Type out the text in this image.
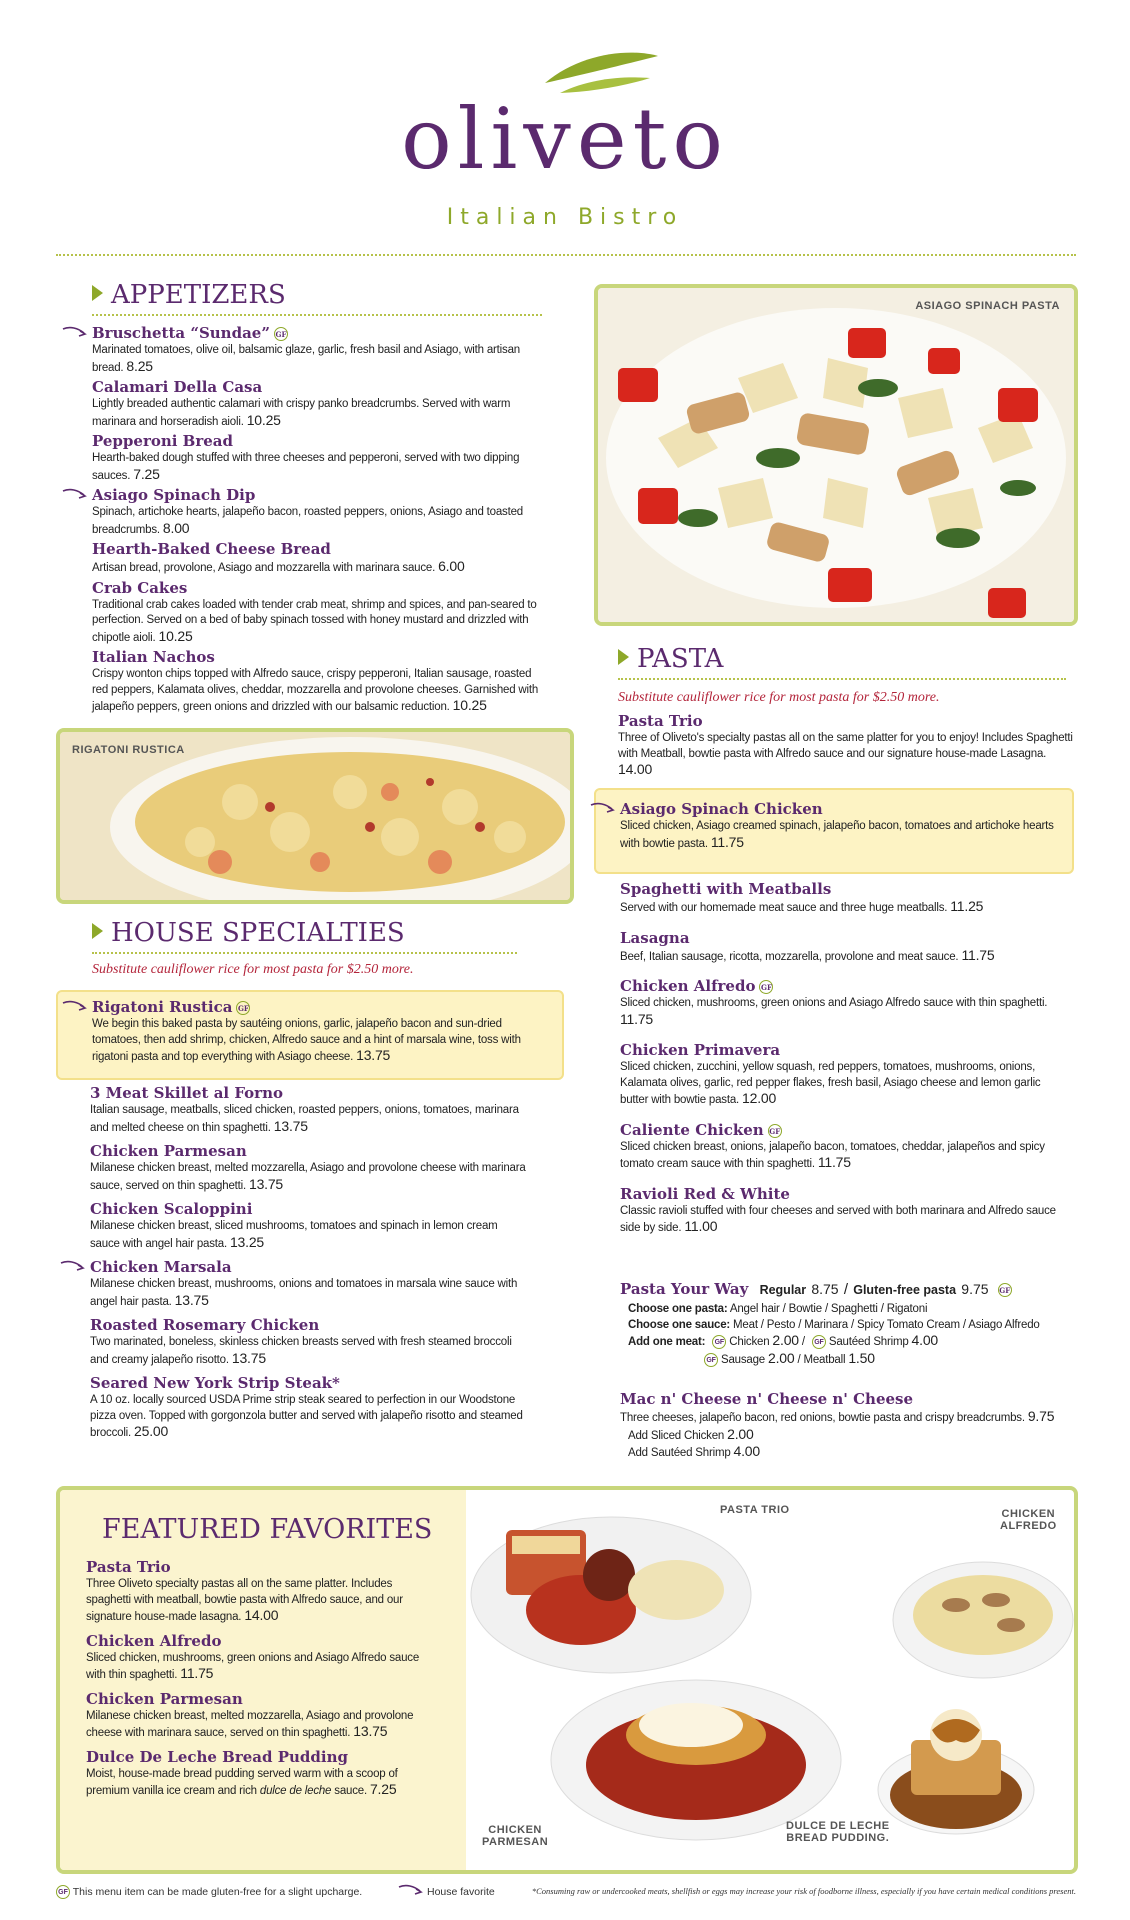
oliveto
Italian Bistro
APPETIZERS
Bruschetta “Sundae” GF
Marinated tomatoes, olive oil, balsamic glaze, garlic, fresh basil and Asiago, with artisan bread. 8.25
Calamari Della Casa
Lightly breaded authentic calamari with crispy panko breadcrumbs. Served with warm marinara and horseradish aioli. 10.25
Pepperoni Bread
Hearth-baked dough stuffed with three cheeses and pepperoni, served with two dipping sauces. 7.25
Asiago Spinach Dip
Spinach, artichoke hearts, jalapeño bacon, roasted peppers, onions, Asiago and toasted breadcrumbs. 8.00
Hearth-Baked Cheese Bread
Artisan bread, provolone, Asiago and mozzarella with marinara sauce. 6.00
Crab Cakes
Traditional crab cakes loaded with tender crab meat, shrimp and spices, and pan-seared to perfection. Served on a bed of baby spinach tossed with honey mustard and drizzled with chipotle aioli. 10.25
Italian Nachos
Crispy wonton chips topped with Alfredo sauce, crispy pepperoni, Italian sausage, roasted red peppers, Kalamata olives, cheddar, mozzarella and provolone cheeses. Garnished with jalapeño peppers, green onions and drizzled with our balsamic reduction. 10.25
RIGATONI RUSTICA
HOUSE SPECIALTIES
Substitute cauliflower rice for most pasta for $2.50 more.
Rigatoni Rustica GF
We begin this baked pasta by sautéing onions, garlic, jalapeño bacon and sun-dried tomatoes, then add shrimp, chicken, Alfredo sauce and a hint of marsala wine, toss with rigatoni pasta and top everything with Asiago cheese. 13.75
3 Meat Skillet al Forno
Italian sausage, meatballs, sliced chicken, roasted peppers, onions, tomatoes, marinara and melted cheese on thin spaghetti. 13.75
Chicken Parmesan
Milanese chicken breast, melted mozzarella, Asiago and provolone cheese with marinara sauce, served on thin spaghetti. 13.75
Chicken Scaloppini
Milanese chicken breast, sliced mushrooms, tomatoes and spinach in lemon cream sauce with angel hair pasta. 13.25
Chicken Marsala
Milanese chicken breast, mushrooms, onions and tomatoes in marsala wine sauce with angel hair pasta. 13.75
Roasted Rosemary Chicken
Two marinated, boneless, skinless chicken breasts served with fresh steamed broccoli and creamy jalapeño risotto. 13.75
Seared New York Strip Steak*
A 10 oz. locally sourced USDA Prime strip steak seared to perfection in our Woodstone pizza oven. Topped with gorgonzola butter and served with jalapeño risotto and steamed broccoli. 25.00
ASIAGO SPINACH PASTA
PASTA
Substitute cauliflower rice for most pasta for $2.50 more.
Pasta Trio
Three of Oliveto's specialty pastas all on the same platter for you to enjoy! Includes Spaghetti with Meatball, bowtie pasta with Alfredo sauce and our signature house-made Lasagna. 14.00
Asiago Spinach Chicken
Sliced chicken, Asiago creamed spinach, jalapeño bacon, tomatoes and artichoke hearts with bowtie pasta. 11.75
Spaghetti with Meatballs
Served with our homemade meat sauce and three huge meatballs. 11.25
Lasagna
Beef, Italian sausage, ricotta, mozzarella, provolone and meat sauce. 11.75
Chicken Alfredo GF
Sliced chicken, mushrooms, green onions and Asiago Alfredo sauce with thin spaghetti. 11.75
Chicken Primavera
Sliced chicken, zucchini, yellow squash, red peppers, tomatoes, mushrooms, onions, Kalamata olives, garlic, red pepper flakes, fresh basil, Asiago cheese and lemon garlic butter with bowtie pasta. 12.00
Caliente Chicken GF
Sliced chicken breast, onions, jalapeño bacon, tomatoes, cheddar, jalapeños and spicy tomato cream sauce with thin spaghetti. 11.75
Ravioli Red & White
Classic ravioli stuffed with four cheeses and served with both marinara and Alfredo sauce side by side. 11.00
Pasta Your Way Regular 8.75 / Gluten-free pasta 9.75 GF
Choose one pasta: Angel hair / Bowtie / Spaghetti / Rigatoni
Choose one sauce: Meat / Pesto / Marinara / Spicy Tomato Cream / Asiago Alfredo
Add one meat: GF Chicken 2.00 / GF Sautéed Shrimp 4.00
GF Sausage 2.00 / Meatball 1.50
Mac n' Cheese n' Cheese n' Cheese
Three cheeses, jalapeño bacon, red onions, bowtie pasta and crispy breadcrumbs. 9.75
Add Sliced Chicken 2.00
Add Sautéed Shrimp 4.00
FEATURED FAVORITES
Pasta Trio
Three Oliveto specialty pastas all on the same platter. Includes spaghetti with meatball, bowtie pasta with Alfredo sauce, and our signature house-made lasagna. 14.00
Chicken Alfredo
Sliced chicken, mushrooms, green onions and Asiago Alfredo sauce with thin spaghetti. 11.75
Chicken Parmesan
Milanese chicken breast, melted mozzarella, Asiago and provolone cheese with marinara sauce, served on thin spaghetti. 13.75
Dulce De Leche Bread Pudding
Moist, house-made bread pudding served warm with a scoop of premium vanilla ice cream and rich dulce de leche sauce. 7.25
PASTA TRIO	CHICKEN
ALFREDO
CHICKEN
PARMESAN
DULCE DE LECHE
BREAD PUDDING.
GF This menu item can be made gluten-free for a slight upcharge.	House favorite	*Consuming raw or undercooked meats, shellfish or eggs may increase your risk of foodborne illness, especially if you have certain medical conditions present.
